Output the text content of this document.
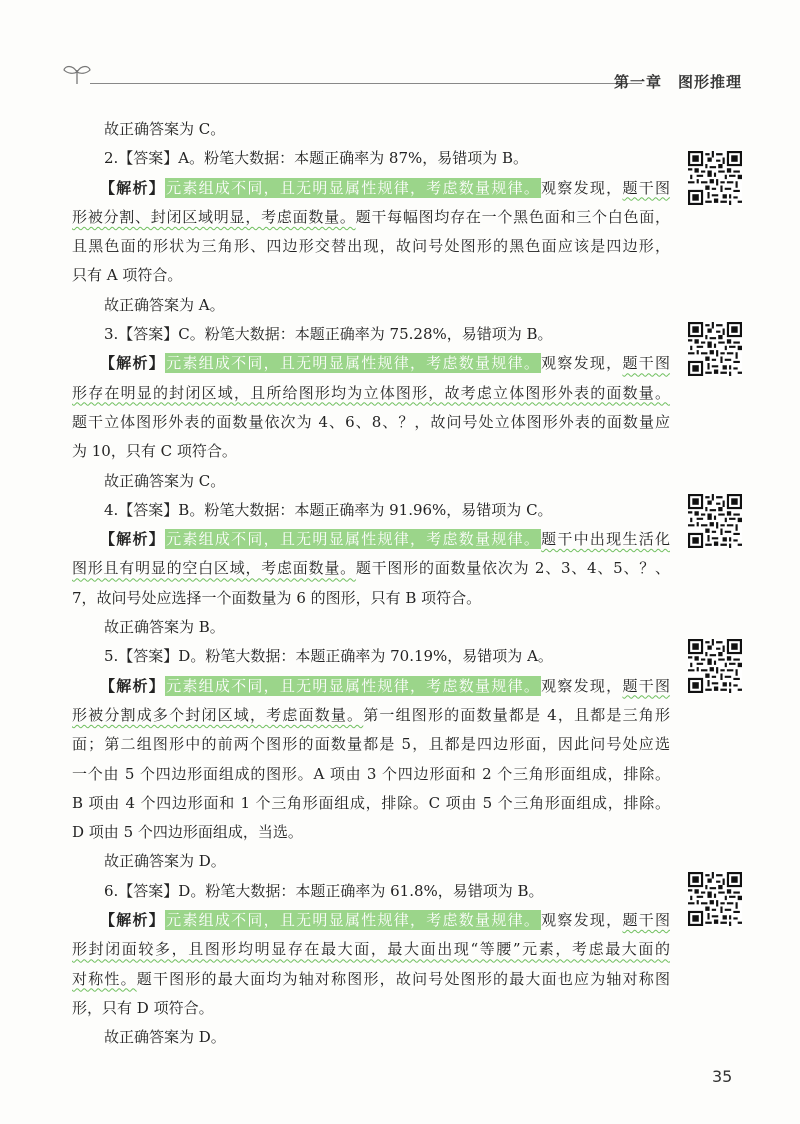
第一章　图形推理
故正确答案为 C。
2.【答案】A。粉笔大数据：本题正确率为 87%，易错项为 B。
【解析】元素组成不同，且无明显属性规律，考虑数量规律。观察发现，题干图
形被分割、封闭区域明显，考虑面数量。题干每幅图均存在一个黑色面和三个白色面，
且黑色面的形状为三角形、四边形交替出现，故问号处图形的黑色面应该是四边形，
只有 A 项符合。
故正确答案为 A。
3.【答案】C。粉笔大数据：本题正确率为 75.28%，易错项为 B。
【解析】元素组成不同，且无明显属性规律，考虑数量规律。观察发现，题干图
形存在明显的封闭区域，且所给图形均为立体图形，故考虑立体图形外表的面数量。
题干立体图形外表的面数量依次为 4、6、8、？，故问号处立体图形外表的面数量应
为 10，只有 C 项符合。
故正确答案为 C。
4.【答案】B。粉笔大数据：本题正确率为 91.96%，易错项为 C。
【解析】元素组成不同，且无明显属性规律，考虑数量规律。题干中出现生活化
图形且有明显的空白区域，考虑面数量。题干图形的面数量依次为 2、3、4、5、？、
7，故问号处应选择一个面数量为 6 的图形，只有 B 项符合。
故正确答案为 B。
5.【答案】D。粉笔大数据：本题正确率为 70.19%，易错项为 A。
【解析】元素组成不同，且无明显属性规律，考虑数量规律。观察发现，题干图
形被分割成多个封闭区域，考虑面数量。第一组图形的面数量都是 4，且都是三角形
面；第二组图形中的前两个图形的面数量都是 5，且都是四边形面，因此问号处应选
一个由 5 个四边形面组成的图形。A 项由 3 个四边形面和 2 个三角形面组成，排除。
B 项由 4 个四边形面和 1 个三角形面组成，排除。C 项由 5 个三角形面组成，排除。
D 项由 5 个四边形面组成，当选。
故正确答案为 D。
6.【答案】D。粉笔大数据：本题正确率为 61.8%，易错项为 B。
【解析】元素组成不同，且无明显属性规律，考虑数量规律。观察发现，题干图
形封闭面较多，且图形均明显存在最大面，最大面出现“等腰”元素，考虑最大面的
对称性。题干图形的最大面均为轴对称图形，故问号处图形的最大面也应为轴对称图
形，只有 D 项符合。
故正确答案为 D。
35
